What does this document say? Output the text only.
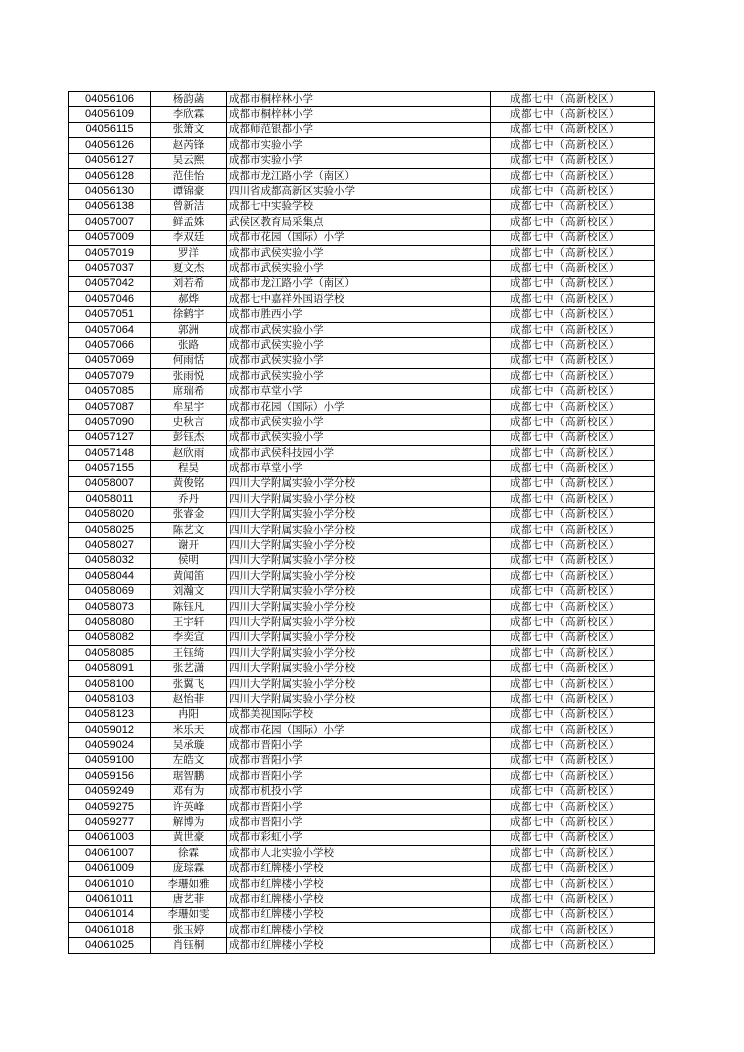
04056106	杨韵菡	成都市桐梓林小学	成都七中（高新校区）
04056109	李欣霖	成都市桐梓林小学	成都七中（高新校区）
04056115	张箫文	成都师范银都小学	成都七中（高新校区）
04056126	赵芮锋	成都市实验小学	成都七中（高新校区）
04056127	吴云熙	成都市实验小学	成都七中（高新校区）
04056128	范佳怡	成都市龙江路小学（南区）	成都七中（高新校区）
04056130	谭锦豪	四川省成都高新区实验小学	成都七中（高新校区）
04056138	曾新洁	成都七中实验学校	成都七中（高新校区）
04057007	鲜孟姝	武侯区教育局采集点	成都七中（高新校区）
04057009	李双廷	成都市花园（国际）小学	成都七中（高新校区）
04057019	罗洋	成都市武侯实验小学	成都七中（高新校区）
04057037	夏文杰	成都市武侯实验小学	成都七中（高新校区）
04057042	刘若希	成都市龙江路小学（南区）	成都七中（高新校区）
04057046	郝烨	成都七中嘉祥外国语学校	成都七中（高新校区）
04057051	徐鹤宇	成都市胜西小学	成都七中（高新校区）
04057064	郭洲	成都市武侯实验小学	成都七中（高新校区）
04057066	张路	成都市武侯实验小学	成都七中（高新校区）
04057069	何雨恬	成都市武侯实验小学	成都七中（高新校区）
04057079	张雨悦	成都市武侯实验小学	成都七中（高新校区）
04057085	席瑞希	成都市草堂小学	成都七中（高新校区）
04057087	牟星宇	成都市花园（国际）小学	成都七中（高新校区）
04057090	史秋言	成都市武侯实验小学	成都七中（高新校区）
04057127	彭钰杰	成都市武侯实验小学	成都七中（高新校区）
04057148	赵欣雨	成都市武侯科技园小学	成都七中（高新校区）
04057155	程昊	成都市草堂小学	成都七中（高新校区）
04058007	黄俊铭	四川大学附属实验小学分校	成都七中（高新校区）
04058011	乔丹	四川大学附属实验小学分校	成都七中（高新校区）
04058020	张睿金	四川大学附属实验小学分校	成都七中（高新校区）
04058025	陈艺文	四川大学附属实验小学分校	成都七中（高新校区）
04058027	谢开	四川大学附属实验小学分校	成都七中（高新校区）
04058032	侯明	四川大学附属实验小学分校	成都七中（高新校区）
04058044	黄闻笛	四川大学附属实验小学分校	成都七中（高新校区）
04058069	刘瀚文	四川大学附属实验小学分校	成都七中（高新校区）
04058073	陈钰凡	四川大学附属实验小学分校	成都七中（高新校区）
04058080	王宇轩	四川大学附属实验小学分校	成都七中（高新校区）
04058082	李奕宣	四川大学附属实验小学分校	成都七中（高新校区）
04058085	王钰绮	四川大学附属实验小学分校	成都七中（高新校区）
04058091	张艺潇	四川大学附属实验小学分校	成都七中（高新校区）
04058100	张翼飞	四川大学附属实验小学分校	成都七中（高新校区）
04058103	赵怡菲	四川大学附属实验小学分校	成都七中（高新校区）
04058123	冉阳	成都美视国际学校	成都七中（高新校区）
04059012	米乐天	成都市花园（国际）小学	成都七中（高新校区）
04059024	吴承璇	成都市晋阳小学	成都七中（高新校区）
04059100	左皓文	成都市晋阳小学	成都七中（高新校区）
04059156	琚智鹏	成都市晋阳小学	成都七中（高新校区）
04059249	邓有为	成都市机投小学	成都七中（高新校区）
04059275	许英峰	成都市晋阳小学	成都七中（高新校区）
04059277	解博为	成都市晋阳小学	成都七中（高新校区）
04061003	黄世豪	成都市彩虹小学	成都七中（高新校区）
04061007	徐霖	成都市人北实验小学校	成都七中（高新校区）
04061009	庞琮霖	成都市红牌楼小学校	成都七中（高新校区）
04061010	李珊如雅	成都市红牌楼小学校	成都七中（高新校区）
04061011	唐艺菲	成都市红牌楼小学校	成都七中（高新校区）
04061014	李珊如雯	成都市红牌楼小学校	成都七中（高新校区）
04061018	张玉婷	成都市红牌楼小学校	成都七中（高新校区）
04061025	肖钰桐	成都市红牌楼小学校	成都七中（高新校区）
